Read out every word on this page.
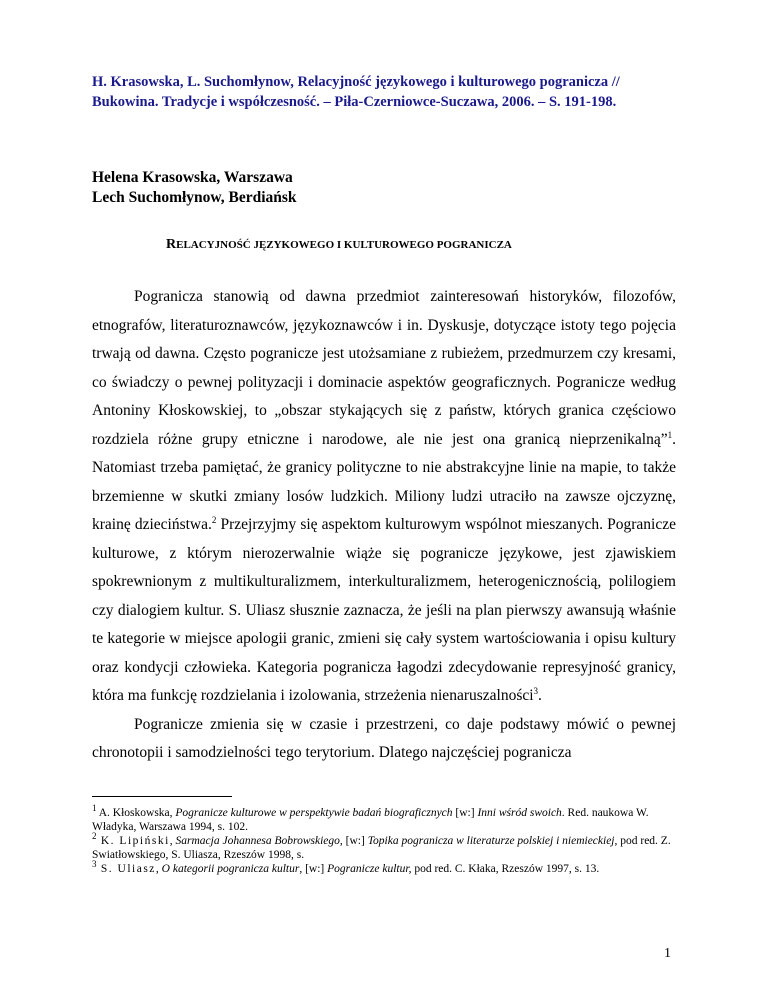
H. Krasowska, L. Suchomłynow, Relacyjność językowego i kulturowego pogranicza //
Bukowina. Tradycje i współczesność. – Piła-Czerniowce-Suczawa, 2006. – S. 191-198.
Helena Krasowska, Warszawa
Lech Suchomłynow, Berdiańsk
RELACYJNOŚĆ JĘZYKOWEGO I KULTUROWEGO POGRANICZA

Pogranicza stanowią od dawna przedmiot zainteresowań historyków, filozofów, etnografów, literaturoznawców, językoznawców i in. Dyskusje, dotyczące istoty tego pojęcia trwają od dawna. Często pogranicze jest utożsamiane z rubieżem, przedmurzem czy kresami, co świadczy o pewnej polityzacji i dominacie aspektów geograficznych. Pogranicze według Antoniny Kłoskowskiej, to „obszar stykających się z państw, których granica częściowo rozdziela różne grupy etniczne i narodowe, ale nie jest ona granicą nieprzenikalną”$^1$. Natomiast trzeba pamiętać, że granicy polityczne to nie abstrakcyjne linie na mapie, to także brzemienne w skutki zmiany losów ludzkich. Miliony ludzi utraciło na zawsze ojczyznę, krainę dzieciństwa.$^2$ Przejrzyjmy się aspektom kulturowym wspólnot mieszanych. Pogranicze kulturowe, z którym nierozerwalnie wiąże się pogranicze językowe, jest zjawiskiem spokrewnionym z multikulturalizmem, interkulturalizmem, heterogenicznością, polilogiem czy dialogiem kultur. S. Uliasz słusznie zaznacza, że jeśli na plan pierwszy awansują właśnie te kategorie w miejsce apologii granic, zmieni się cały system wartościowania i opisu kultury oraz kondycji człowieka. Kategoria pogranicza łagodzi zdecydowanie represyjność granicy, która ma funkcję rozdzielania i izolowania, strzeżenia nienaruszalności$^3$.

Pogranicze zmienia się w czasie i przestrzeni, co daje podstawy mówić o pewnej chronotopii i samodzielności tego terytorium. Dlatego najczęściej pogranicza

$^1$ A. Kłoskowska, Pogranicze kulturowe w perspektywie badań biograficznych [w:] Inni wśród swoich. Red. naukowa W. Władyka, Warszawa 1994, s. 102.
$^2$ K. Lipiński, Sarmacja Johannesa Bobrowskiego, [w:] Topika pogranicza w literaturze polskiej i niemieckiej, pod red. Z. Swiatłowskiego, S. Uliasza, Rzeszów 1998, s.
$^3$ S. Uliasz, O kategorii pogranicza kultur, [w:] Pogranicze kultur, pod red. C. Kłaka, Rzeszów 1997, s. 13.
1
